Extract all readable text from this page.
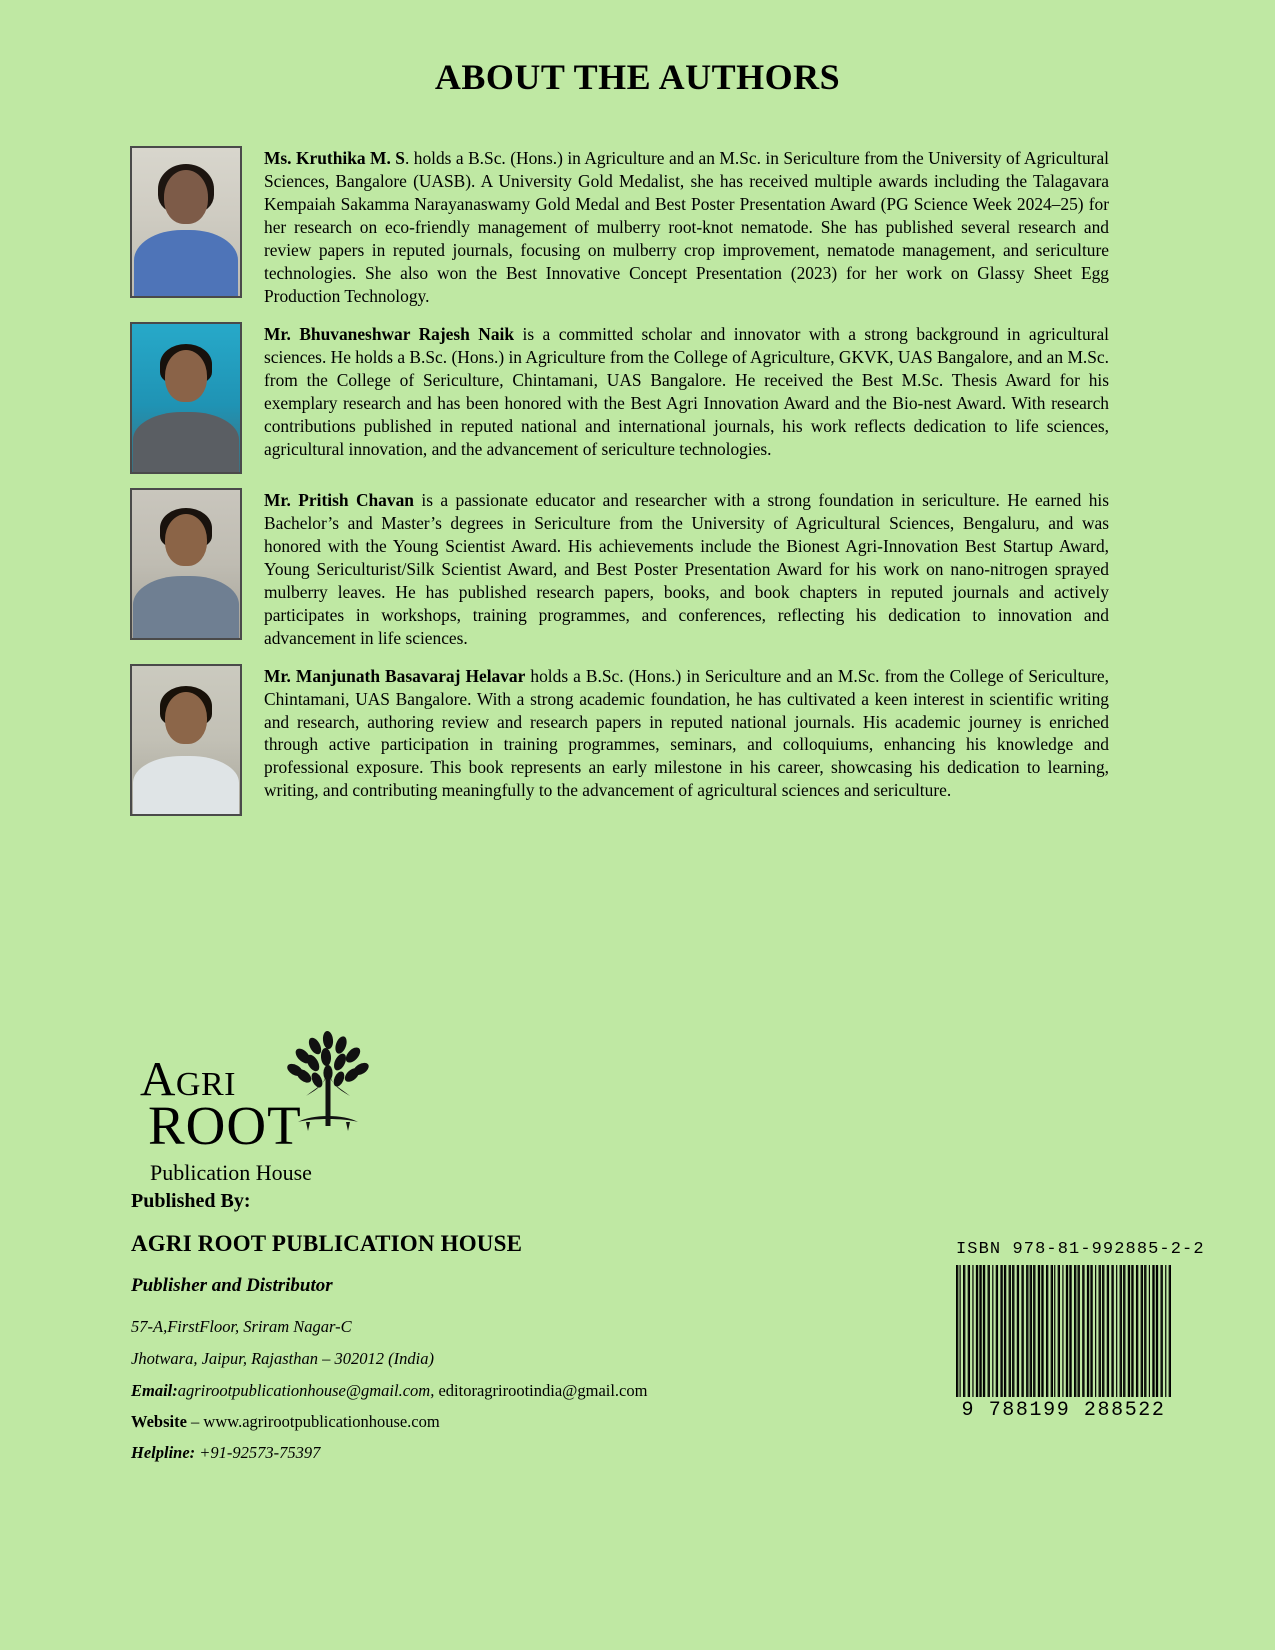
ABOUT THE AUTHORS
Ms. Kruthika M. S. holds a B.Sc. (Hons.) in Agriculture and an M.Sc. in Sericulture from the University of Agricultural Sciences, Bangalore (UASB). A University Gold Medalist, she has received multiple awards including the Talagavara Kempaiah Sakamma Narayanaswamy Gold Medal and Best Poster Presentation Award (PG Science Week 2024–25) for her research on eco-friendly management of mulberry root-knot nematode. She has published several research and review papers in reputed journals, focusing on mulberry crop improvement, nematode management, and sericulture technologies. She also won the Best Innovative Concept Presentation (2023) for her work on Glassy Sheet Egg Production Technology.
Mr. Bhuvaneshwar Rajesh Naik is a committed scholar and innovator with a strong background in agricultural sciences. He holds a B.Sc. (Hons.) in Agriculture from the College of Agriculture, GKVK, UAS Bangalore, and an M.Sc. from the College of Sericulture, Chintamani, UAS Bangalore. He received the Best M.Sc. Thesis Award for his exemplary research and has been honored with the Best Agri Innovation Award and the Bio-nest Award. With research contributions published in reputed national and international journals, his work reflects dedication to life sciences, agricultural innovation, and the advancement of sericulture technologies.
Mr. Pritish Chavan is a passionate educator and researcher with a strong foundation in sericulture. He earned his Bachelor’s and Master’s degrees in Sericulture from the University of Agricultural Sciences, Bengaluru, and was honored with the Young Scientist Award. His achievements include the Bionest Agri-Innovation Best Startup Award, Young Sericulturist/Silk Scientist Award, and Best Poster Presentation Award for his work on nano-nitrogen sprayed mulberry leaves. He has published research papers, books, and book chapters in reputed journals and actively participates in workshops, training programmes, and conferences, reflecting his dedication to innovation and advancement in life sciences.
Mr. Manjunath Basavaraj Helavar holds a B.Sc. (Hons.) in Sericulture and an M.Sc. from the College of Sericulture, Chintamani, UAS Bangalore. With a strong academic foundation, he has cultivated a keen interest in scientific writing and research, authoring review and research papers in reputed national journals. His academic journey is enriched through active participation in training programmes, seminars, and colloquiums, enhancing his knowledge and professional exposure. This book represents an early milestone in his career, showcasing his dedication to learning, writing, and contributing meaningfully to the advancement of agricultural sciences and sericulture.
Agri
ROOT
Publication House
Published By:
AGRI ROOT PUBLICATION HOUSE
Publisher and Distributor
57-A,FirstFloor, Sriram Nagar-C
Jhotwara, Jaipur, Rajasthan – 302012 (India)
Email:agrirootpublicationhouse@gmail.com, editoragrirootindia@gmail.com
Website – www.agrirootpublicationhouse.com
Helpline: +91-92573-75397
ISBN 978-81-992885-2-2
9 788199 288522
